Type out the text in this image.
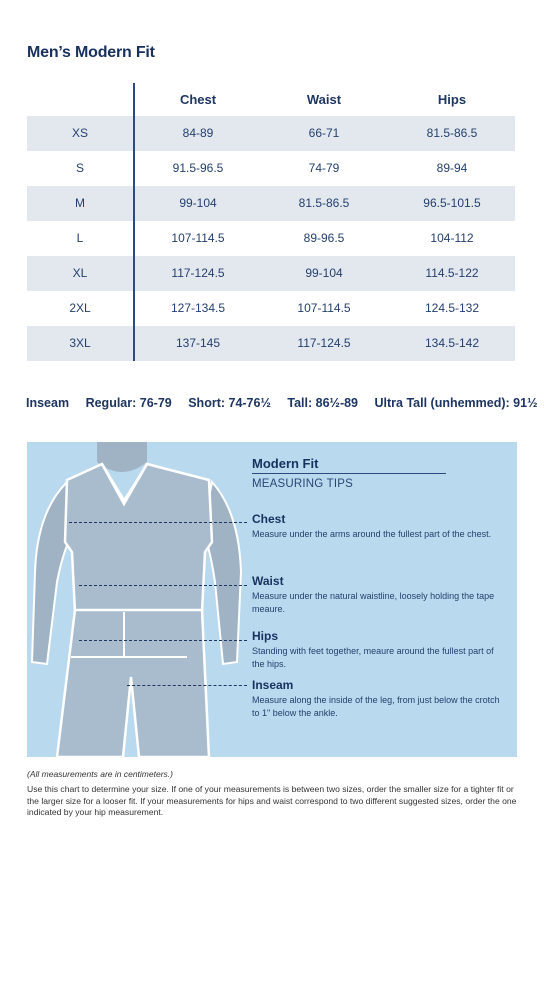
Men’s Modern Fit
Chest	Waist	Hips
XS	84-89	66-71	81.5-86.5
S	91.5-96.5	74-79	89-94
M	99-104	81.5-86.5	96.5-101.5
L	107-114.5	89-96.5	104-112
XL	117-124.5	99-104	114.5-122
2XL	127-134.5	107-114.5	124.5-132
3XL	137-145	117-124.5	134.5-142
Inseam Regular: 76-79 Short: 74-76½ Tall: 86½-89 Ultra Tall (unhemmed): 91½
Modern Fit
MEASURING TIPS
Chest
Measure under the arms around the fullest part of the chest.
Waist
Measure under the natural waistline, loosely holding the tape meaure.
Hips
Standing with feet together, meaure around the fullest part of the hips.
Inseam
Measure along the inside of the leg, from just below the crotch to 1" below the ankle.
(All measurements are in centimeters.)
Use this chart to determine your size. If one of your measurements is between two sizes, order the smaller size for a tighter fit or the larger size for a looser fit. If your measurements for hips and waist correspond to two different suggested sizes, order the one indicated by your hip measurement.
